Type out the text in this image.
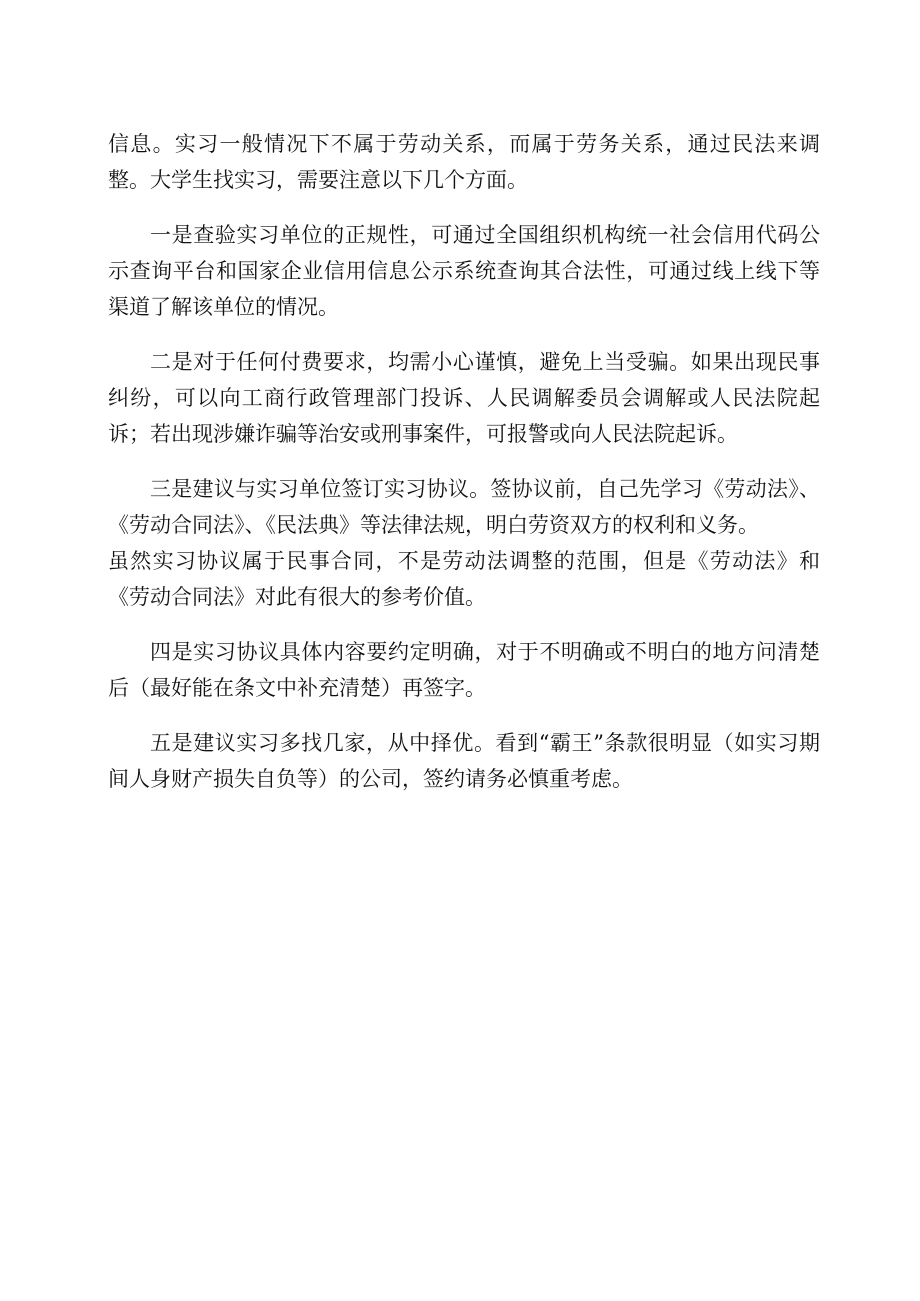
信息。实习一般情况下不属于劳动关系，而属于劳务关系，通过民法来调整。大学生找实习，需要注意以下几个方面。

一是查验实习单位的正规性，可通过全国组织机构统一社会信用代码公示查询平台和国家企业信用信息公示系统查询其合法性，可通过线上线下等渠道了解该单位的情况。

二是对于任何付费要求，均需小心谨慎，避免上当受骗。如果出现民事纠纷，可以向工商行政管理部门投诉、人民调解委员会调解或人民法院起诉；若出现涉嫌诈骗等治安或刑事案件，可报警或向人民法院起诉。

三是建议与实习单位签订实习协议。签协议前，自己先学习《劳动法》、《劳动合同法》、《民法典》等法律法规，明白劳资双方的权利和义务。

虽然实习协议属于民事合同，不是劳动法调整的范围，但是《劳动法》和《劳动合同法》对此有很大的参考价值。

四是实习协议具体内容要约定明确，对于不明确或不明白的地方问清楚后（最好能在条文中补充清楚）再签字。

五是建议实习多找几家，从中择优。看到“霸王”条款很明显（如实习期间人身财产损失自负等）的公司，签约请务必慎重考虑。
